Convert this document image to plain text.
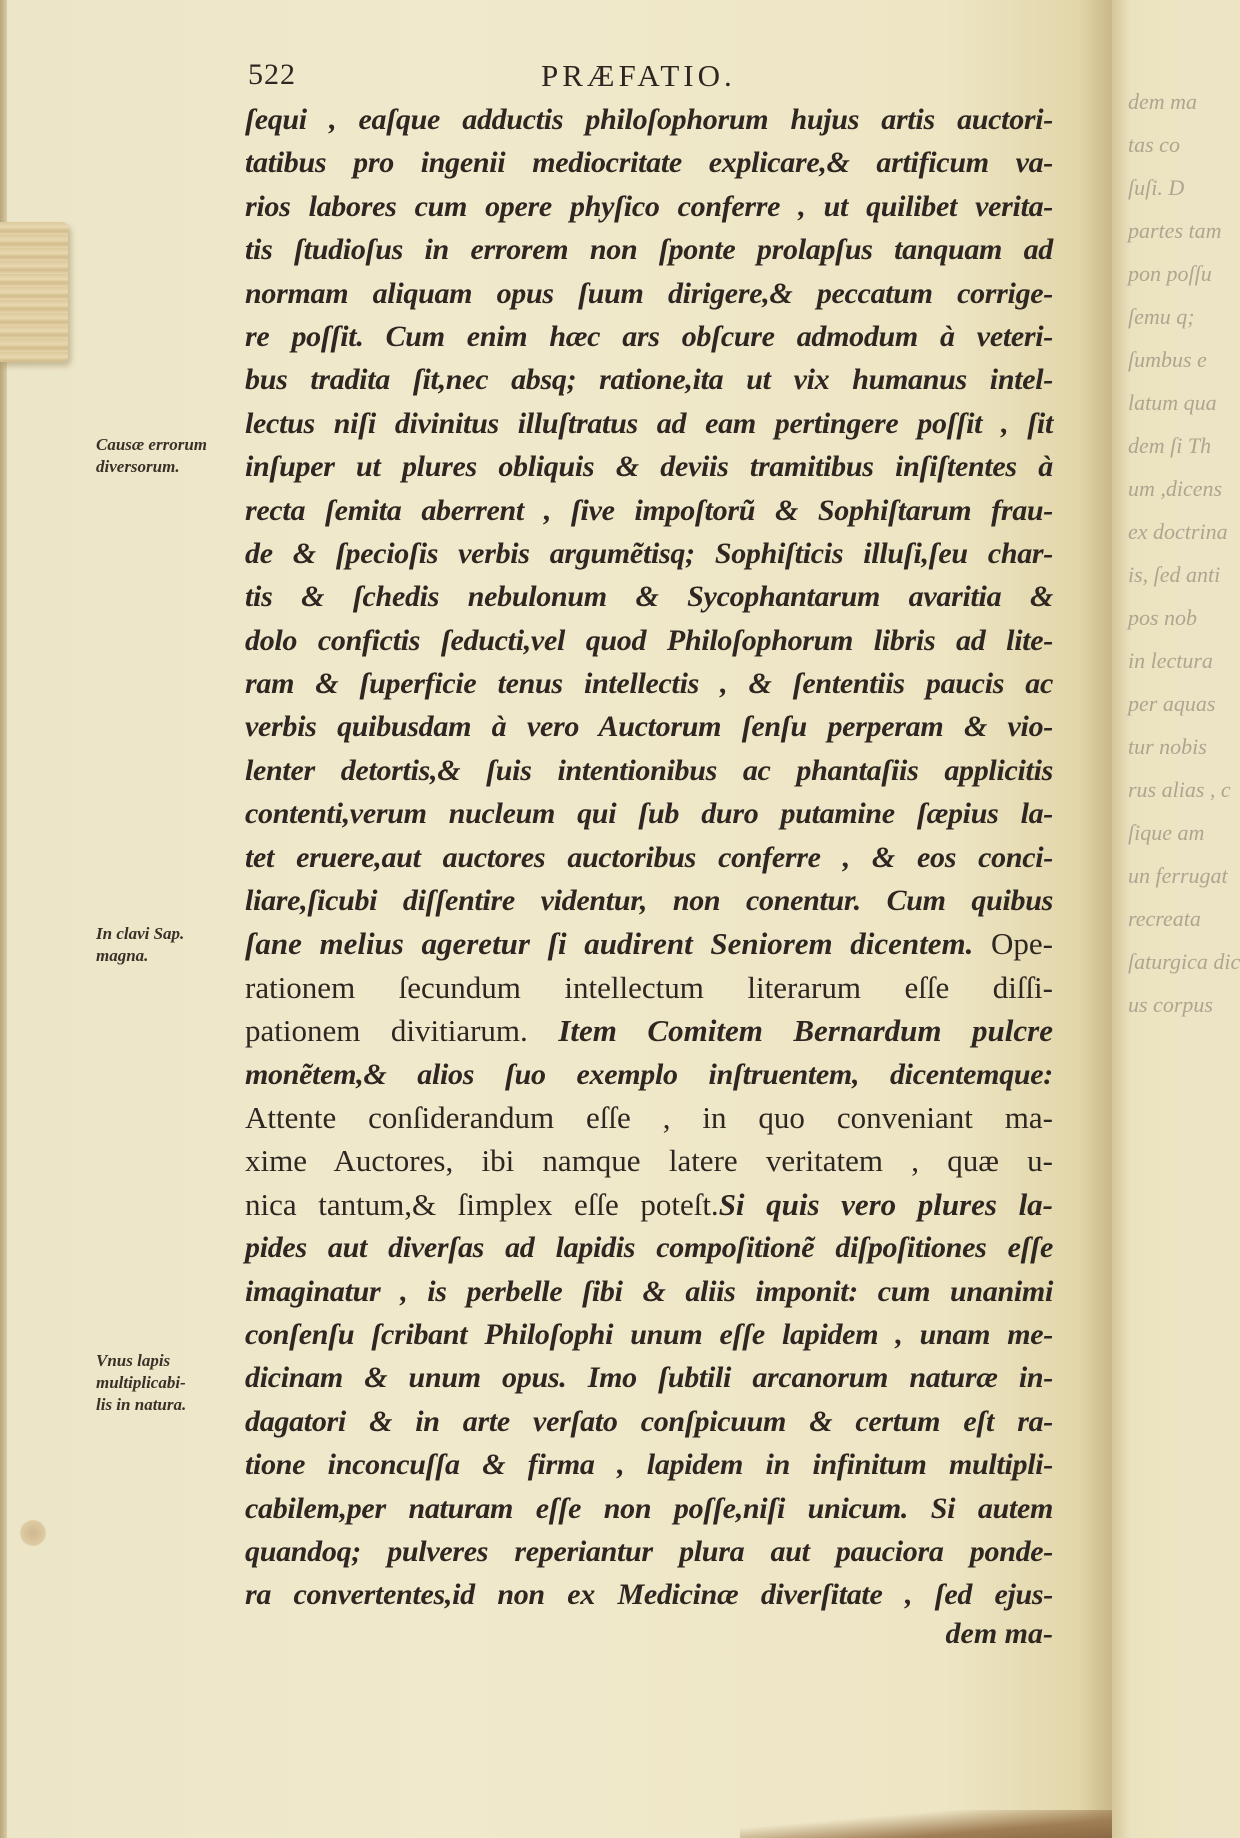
dem ma
tas co
ſuſi. D
partes tam
pon poſſu
ſemu q;
ſumbus e
latum qua
dem ſi Th
um ,dicens
ex doctrina
is, ſed anti
pos nob
in lectura
per aquas
tur nobis
rus alias , c
ſique am
un ferrugat
recreata
ſaturgica dic
us corpus
522	PRÆFATIO.
Causæ errorum
diversorum.
In clavi Sap.
magna.
Vnus lapis
multiplicabi-
lis in natura.
ſequi , eaſque adductis philoſophorum hujus artis auctori-
tatibus pro ingenii mediocritate explicare,& artificum va-
rios labores cum opere phyſico conferre , ut quilibet verita-
tis ſtudioſus in errorem non ſponte prolapſus tanquam ad
normam aliquam opus ſuum dirigere,& peccatum corrige-
re poſſit. Cum enim hæc ars obſcure admodum à veteri-
bus tradita ſit,nec absq; ratione,ita ut vix humanus intel-
lectus niſi divinitus illuſtratus ad eam pertingere poſſit , ſit
inſuper ut plures obliquis & deviis tramitibus inſiſtentes à
recta ſemita aberrent , ſive impoſtorũ & Sophiſtarum frau-
de & ſpecioſis verbis argumẽtisq; Sophiſticis illuſi,ſeu char-
tis & ſchedis nebulonum & Sycophantarum avaritia &
dolo confictis ſeducti,vel quod Philoſophorum libris ad lite-
ram & ſuperficie tenus intellectis , & ſententiis paucis ac
verbis quibusdam à vero Auctorum ſenſu perperam & vio-
lenter detortis,& ſuis intentionibus ac phantaſiis applicitis
contenti,verum nucleum qui ſub duro putamine ſæpius la-
tet eruere,aut auctores auctoribus conferre , & eos conci-
liare,ſicubi diſſentire videntur, non conentur. Cum quibus
ſane melius ageretur ſi audirent Seniorem dicentem. Ope-
rationem ſecundum intellectum literarum eſſe diſſi-
pationem divitiarum. Item Comitem Bernardum pulcre
monẽtem,& alios ſuo exemplo inſtruentem, dicentemque:
Attente conſiderandum eſſe , in quo conveniant ma-
xime Auctores, ibi namque latere veritatem , quæ u-
nica tantum,& ſimplex eſſe poteſt.Si quis vero plures la-
pides aut diverſas ad lapidis compoſitionẽ diſpoſitiones eſſe
imaginatur , is perbelle ſibi & aliis imponit: cum unanimi
conſenſu ſcribant Philoſophi unum eſſe lapidem , unam me-
dicinam & unum opus. Imo ſubtili arcanorum naturæ in-
dagatori & in arte verſato conſpicuum & certum eſt ra-
tione inconcuſſa & firma , lapidem in infinitum multipli-
cabilem,per naturam eſſe non poſſe,niſi unicum. Si autem
quandoq; pulveres reperiantur plura aut pauciora ponde-
ra convertentes,id non ex Medicinæ diverſitate , ſed ejus-
dem ma-
